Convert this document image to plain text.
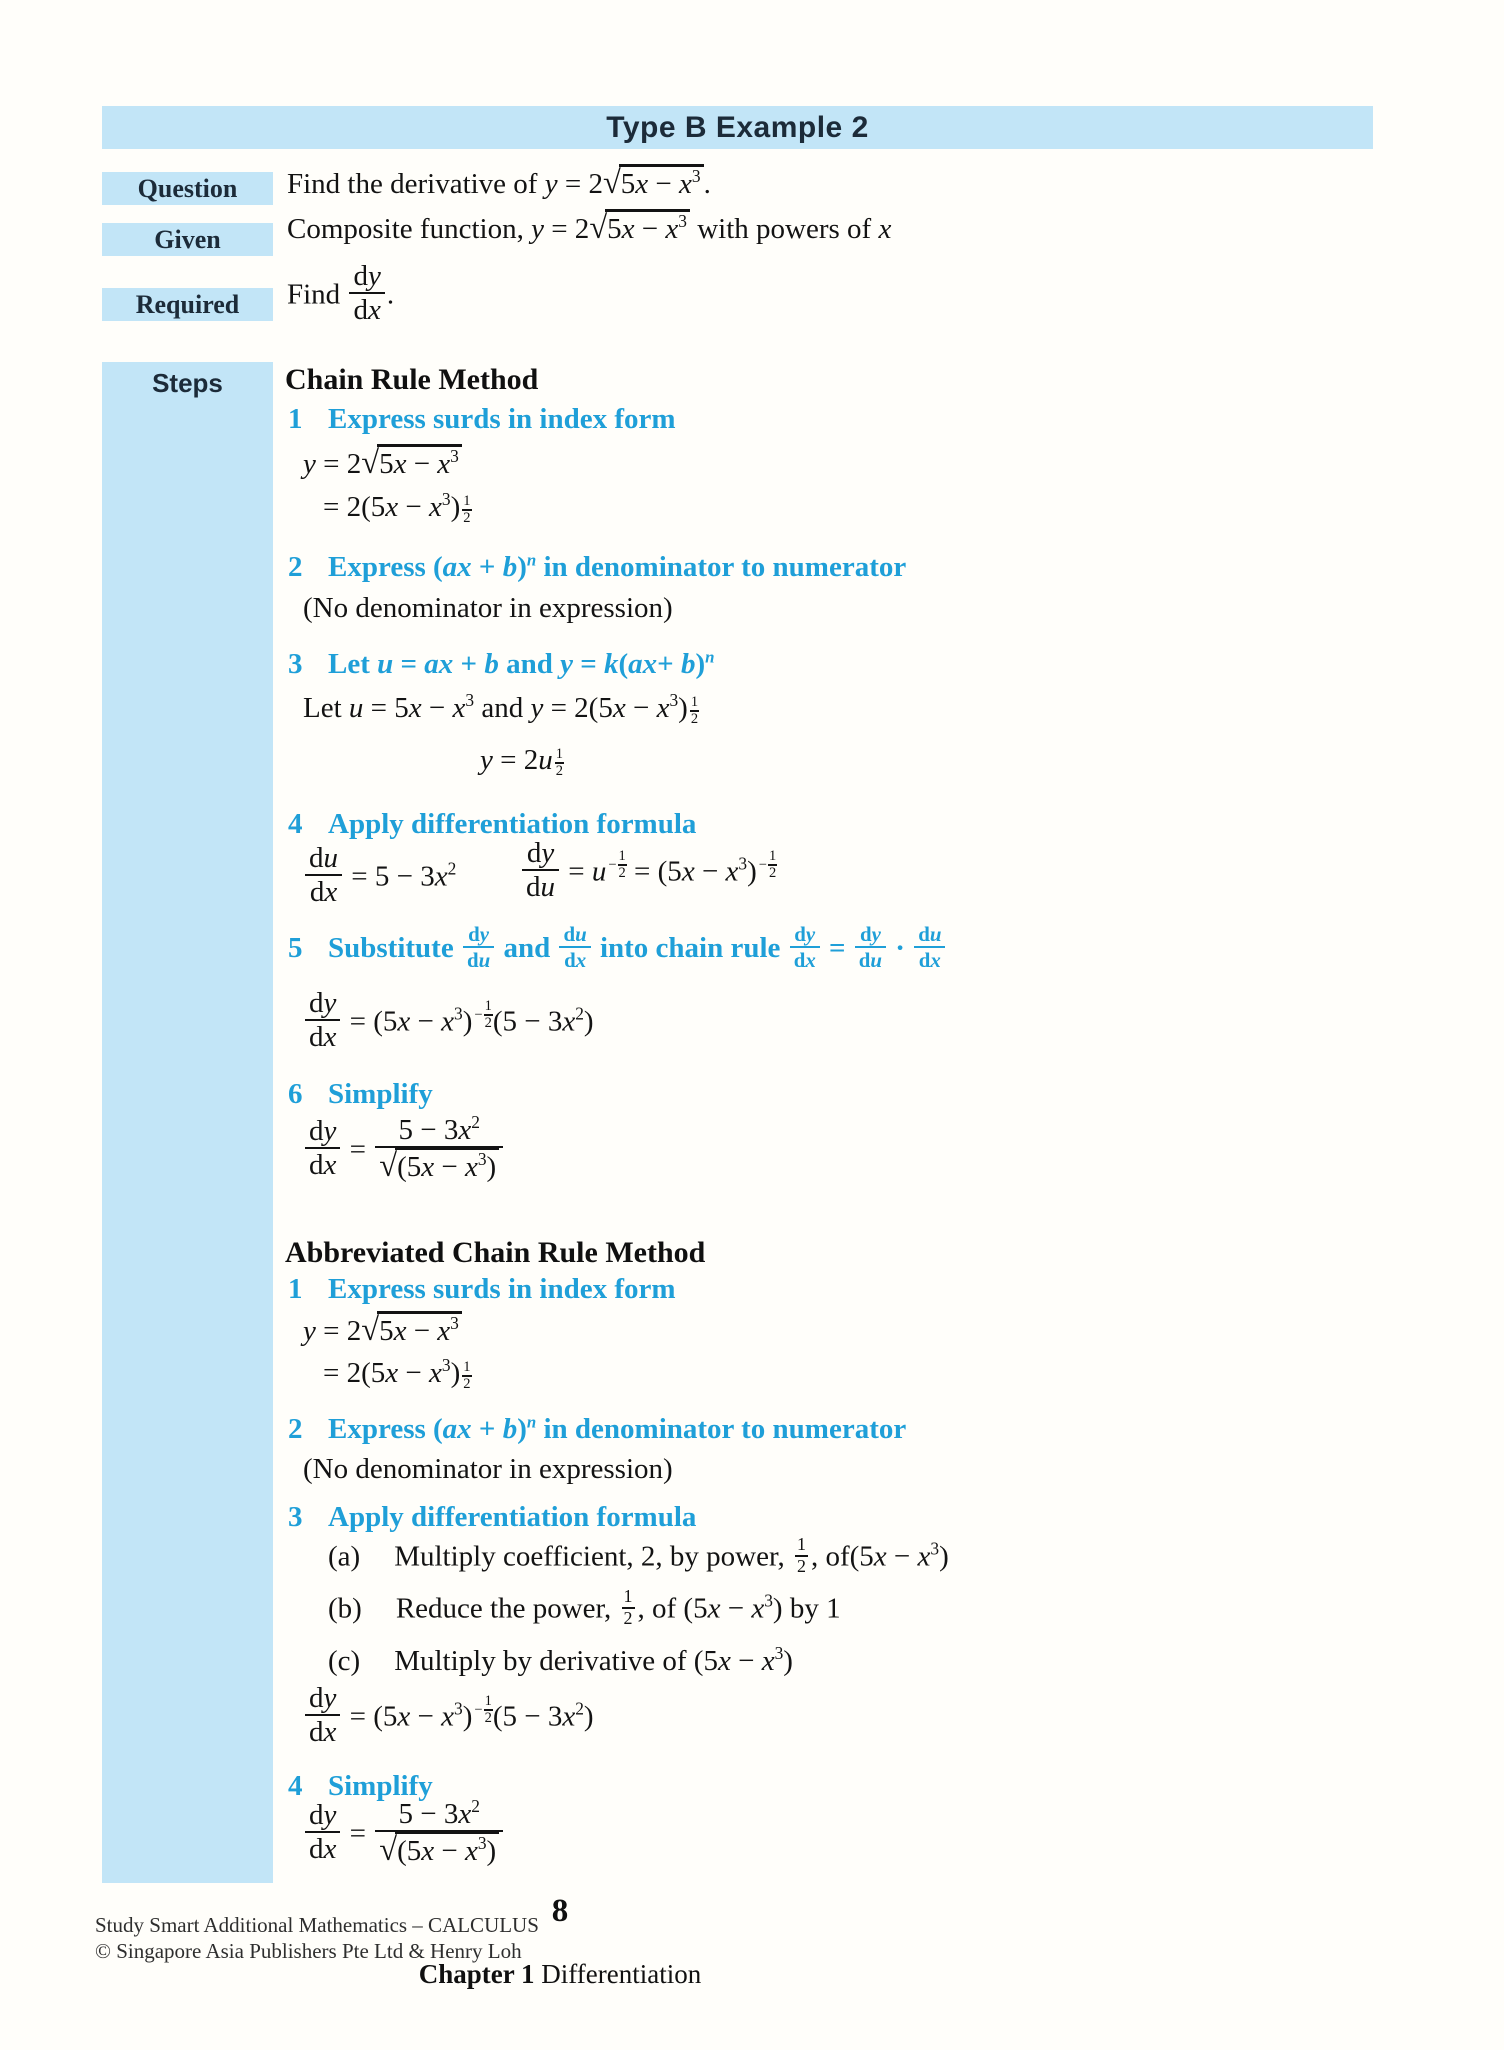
Type B Example 2
Question
Given
Required
Steps
Find the derivative of $y = 2√5x - x^3$ .
Composite function, $y = 2√5x - x^3$ with powers of x
Find $\frac{dy}{dx}$ .
Chain Rule Method
1 Express surds in index form
$y = 2√5x - x^3$
= $2(5x - x^3)$ 1
2
2 Express (ax + b)$^n$ in denominator to numerator
(No denominator in expression)
3 Let u = ax + b and $y = k(ax+ b)^n$
Let $u = 5x - x^3$ and $y = 2(5x - x^3)$ 1
2
y = 2u 1
2
4 Apply differentiation formula
$\frac{du}{dx} = 5 - 3x^2 \frac{dy}{du} = u - \frac{1}{2} = (5x - x^3) - \frac{1}{2}$
5 Substitute $\frac{dy}{du}$ and $\frac{du}{dx}$ into chain rule $\frac{dy}{dx} = \frac{dy}{du} \cdot \frac{du}{dx}$
$\frac{dy}{dx} = (5x - x^3) - \frac{1}{2} (5 - 3x^2)$
6 Simplify
$\frac{dy}{dx} = \frac{5 - 3x^2}{√(5x - x^3)}$
Abbreviated Chain Rule Method
1 Express surds in index form
$y = 2√5x - x^3$
= $2(5x - x^3)$ 1
2
2 Express (ax + b)$^n$ in denominator to numerator
(No denominator in expression)
3 Apply differentiation formula
(a) Multiply coefficient, 2, by power, $\frac{1}{2}$ , $of(5x - x^3)$
(b) Reduce the power, $\frac{1}{2}$ , of $(5x - x^3)$ by 1
(c) Multiply by derivative of $(5x - x^3)$
$\frac{dy}{dx} = (5x - x^3) - \frac{1}{2} (5 - 3x^2)$
4 Simplify
$\frac{dy}{dx} = \frac{5 - 3x^2}{√(5x - x^3)}$
Study Smart Additional Mathematics – CALCULUS
© Singapore Asia Publishers Pte Ltd & Henry Loh
8
Chapter 1 Differentiation
